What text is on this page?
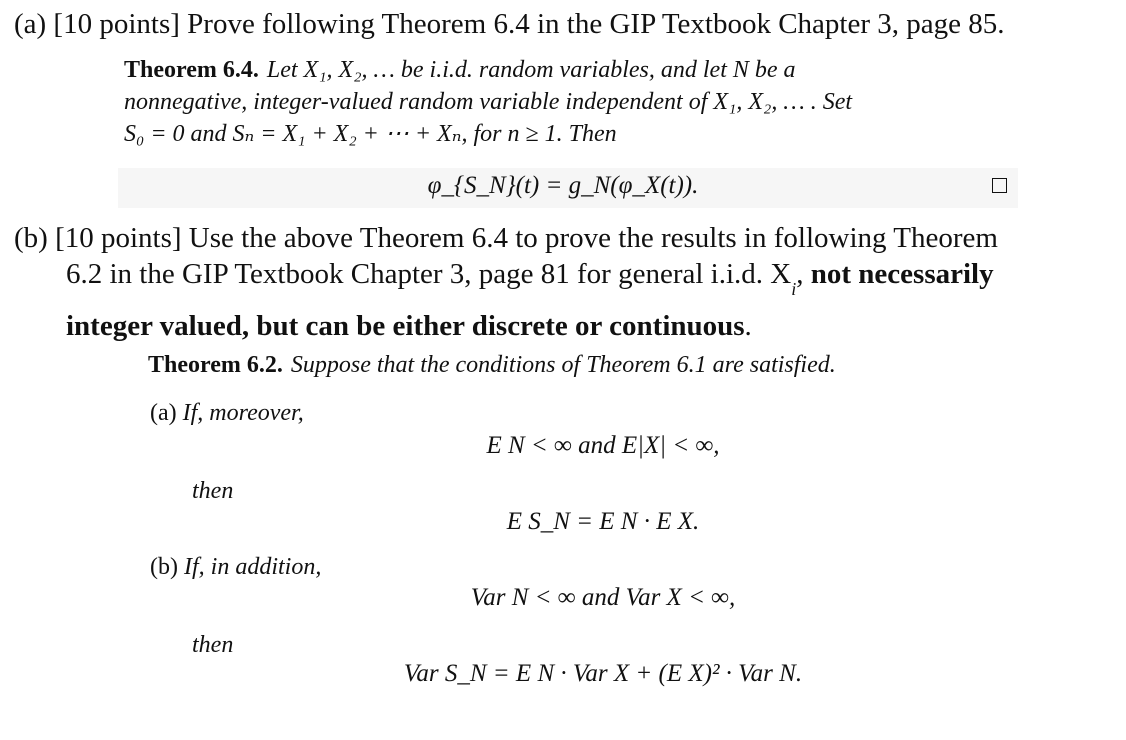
(a) [10 points] Prove following Theorem 6.4 in the GIP Textbook Chapter 3, page 85.
Theorem 6.4. Let X₁, X₂, … be i.i.d. random variables, and let N be a
nonnegative, integer-valued random variable independent of X₁, X₂, … . Set
S₀ = 0 and Sₙ = X₁ + X₂ + ⋯ + Xₙ, for n ≥ 1. Then
φ_{S_N}(t) = g_N(φ_X(t)).
(b) [10 points] Use the above Theorem 6.4 to prove the results in following Theorem
6.2 in the GIP Textbook Chapter 3, page 81 for general i.i.d. $X_i$, not necessarily
integer valued, but can be either discrete or continuous.
Theorem 6.2. Suppose that the conditions of Theorem 6.1 are satisfied.
(a) If, moreover,
E N < ∞ and E|X| < ∞,
then
E S_N = E N · E X.
(b) If, in addition,
Var N < ∞ and Var X < ∞,
then
Var S_N = E N · Var X + (E X)² · Var N.
